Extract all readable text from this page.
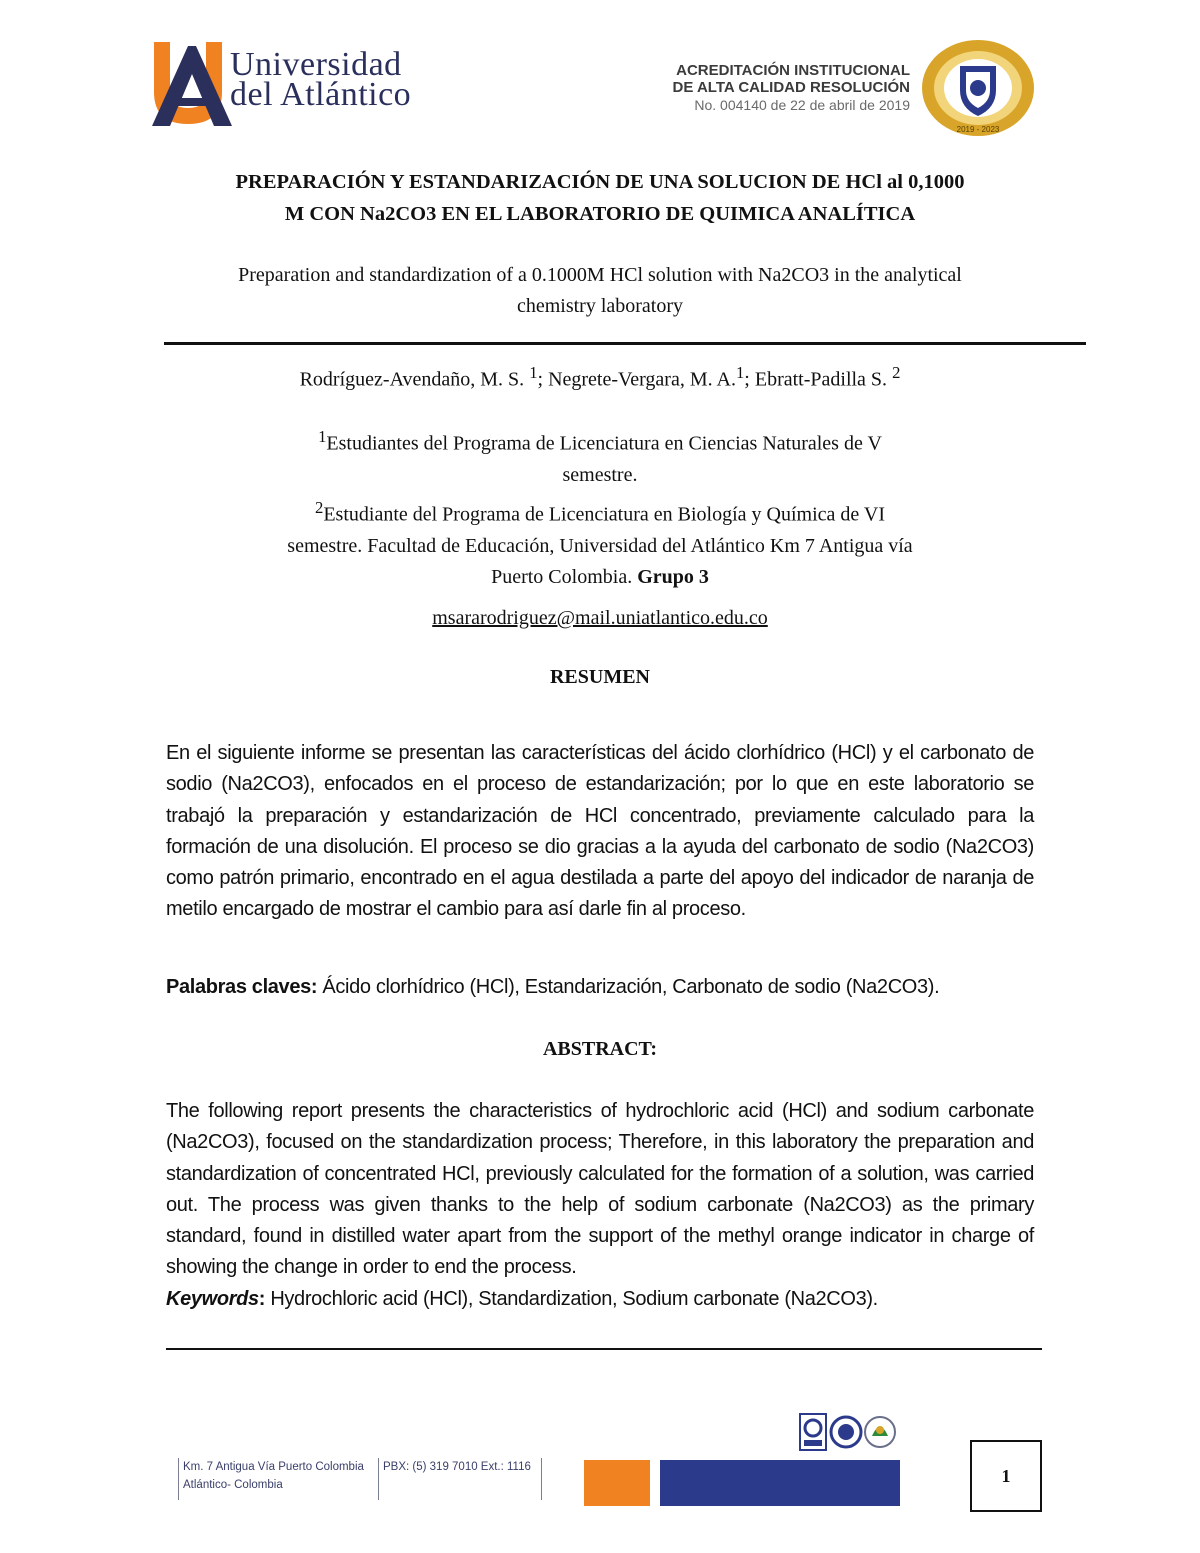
Universidad
del Atlántico
ACREDITACIÓN INSTITUCIONAL
DE ALTA CALIDAD RESOLUCIÓN
No. 004140 de 22 de abril de 2019
2019 - 2023
PREPARACIÓN Y ESTANDARIZACIÓN DE UNA SOLUCION DE HCl al 0,1000
M CON Na2CO3 EN EL LABORATORIO DE QUIMICA ANALÍTICA
Preparation and standardization of a 0.1000M HCl solution with Na2CO3 in the analytical
chemistry laboratory
Rodríguez-Avendaño, M. S. $^1$; Negrete-Vergara, M. A.$^1$; Ebratt-Padilla S. $^2$
$^1$Estudiantes del Programa de Licenciatura en Ciencias Naturales de V
semestre.
$^2$Estudiante del Programa de Licenciatura en Biología y Química de VI
semestre. Facultad de Educación, Universidad del Atlántico Km 7 Antigua vía
Puerto Colombia. Grupo 3
msararodriguez@mail.uniatlantico.edu.co
RESUMEN
En el siguiente informe se presentan las características del ácido clorhídrico (HCl) y el carbonato de sodio (Na2CO3), enfocados en el proceso de estandarización; por lo que en este laboratorio se trabajó la preparación y estandarización de HCl concentrado, previamente calculado para la formación de una disolución. El proceso se dio gracias a la ayuda del carbonato de sodio (Na2CO3) como patrón primario, encontrado en el agua destilada a parte del apoyo del indicador de naranja de metilo encargado de mostrar el cambio para así darle fin al proceso.
Palabras claves: Ácido clorhídrico (HCl), Estandarización, Carbonato de sodio (Na2CO3).
ABSTRACT:
The following report presents the characteristics of hydrochloric acid (HCl) and sodium carbonate (Na2CO3), focused on the standardization process; Therefore, in this laboratory the preparation and standardization of concentrated HCl, previously calculated for the formation of a solution, was carried out. The process was given thanks to the help of sodium carbonate (Na2CO3) as the primary standard, found in distilled water apart from the support of the methyl orange indicator in charge of showing the change in order to end the process.
Keywords: Hydrochloric acid (HCl), Standardization, Sodium carbonate (Na2CO3).
Km. 7 Antigua Vía Puerto Colombia
Atlántico- Colombia
PBX: (5) 319 7010 Ext.: 1116	1
